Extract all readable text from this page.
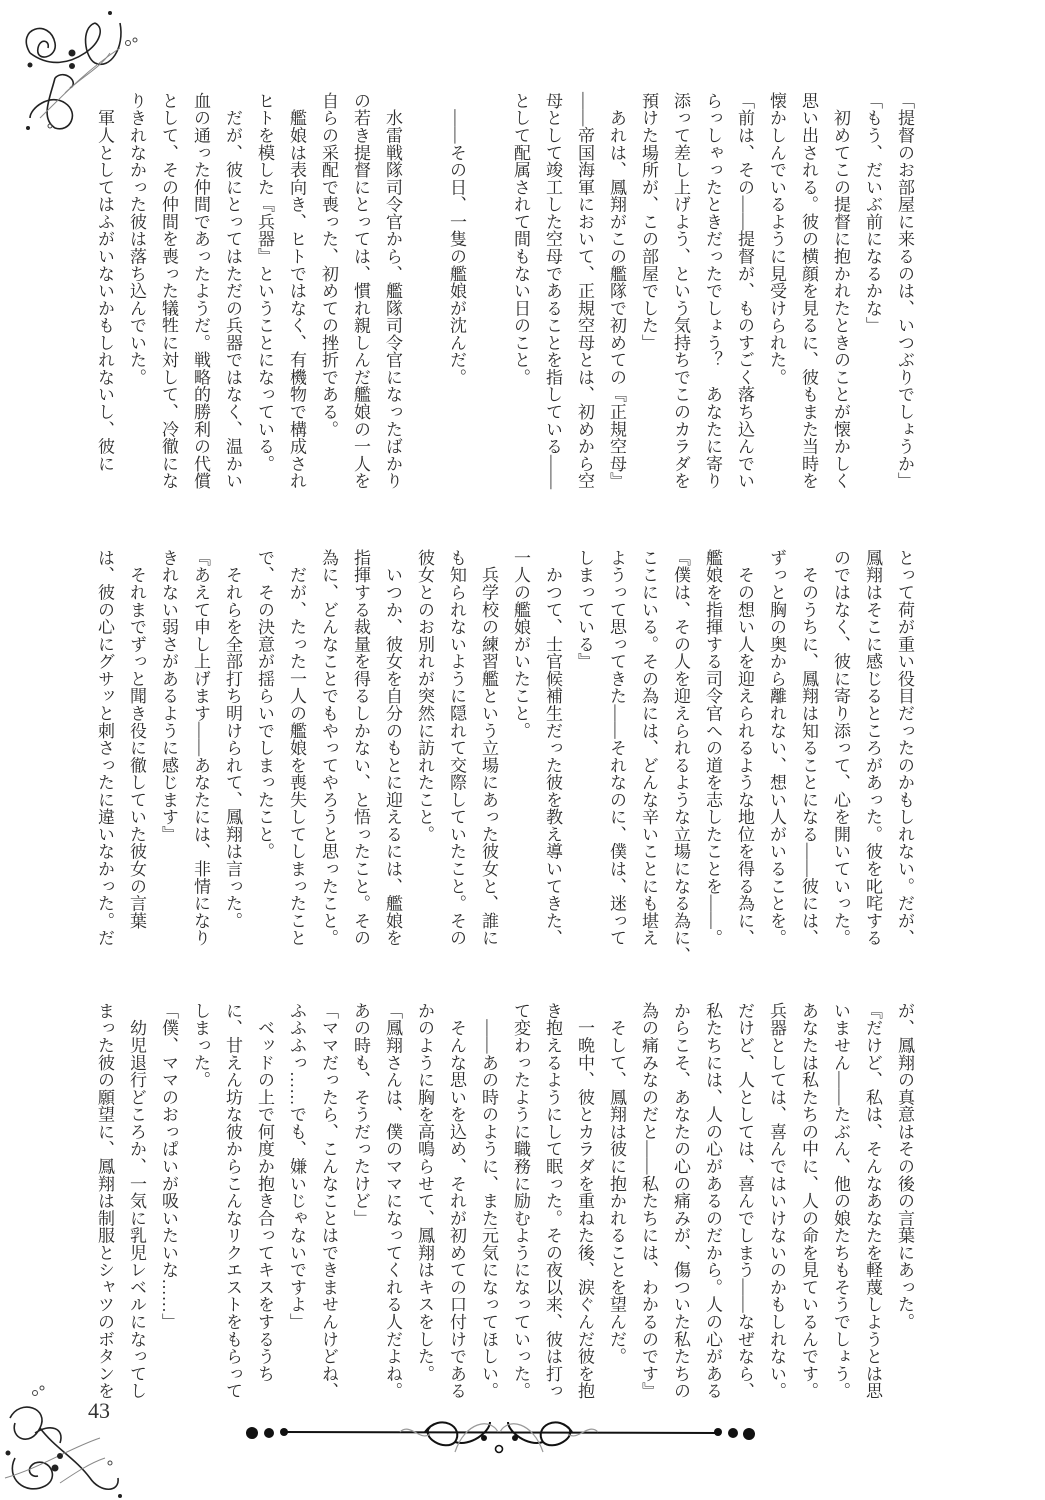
43
「提督のお部屋に来るのは、いつぶりでしょうか」
「もう、だいぶ前になるかな」
　初めてこの提督に抱かれたときのことが懐かしく
思い出される。彼の横顔を見るに、彼もまた当時を
懐かしんでいるように見受けられた。
「前は、その――提督が、ものすごく落ち込んでい
らっしゃったときだったでしょう？　あなたに寄り
添って差し上げよう、という気持ちでこのカラダを
預けた場所が、この部屋でした」
　あれは、鳳翔がこの艦隊で初めての『正規空母』
――帝国海軍において、正規空母とは、初めから空
母として竣工した空母であることを指している――
として配属されて間もない日のこと。
　――その日、一隻の艦娘が沈んだ。
　水雷戦隊司令官から、艦隊司令官になったばかり
の若き提督にとっては、慣れ親しんだ艦娘の一人を
自らの采配で喪った、初めての挫折である。
　艦娘は表向き、ヒトではなく、有機物で構成され
ヒトを模した『兵器』ということになっている。
　だが、彼にとってはただの兵器ではなく、温かい
血の通った仲間であったようだ。戦略的勝利の代償
として、その仲間を喪った犠牲に対して、冷徹にな
りきれなかった彼は落ち込んでいた。
　軍人としてはふがいないかもしれないし、彼に
とって荷が重い役目だったのかもしれない。だが、
鳳翔はそこに感じるところがあった。彼を叱咤する
のではなく、彼に寄り添って、心を開いていった。
　そのうちに、鳳翔は知ることになる――彼には、
ずっと胸の奥から離れない、想い人がいることを。
　その想い人を迎えられるような地位を得る為に、
艦娘を指揮する司令官への道を志したことを――。
『僕は、その人を迎えられるような立場になる為に、
ここにいる。その為には、どんな辛いことにも堪え
ようって思ってきた――それなのに、僕は、迷って
しまっている』
　かつて、士官候補生だった彼を教え導いてきた、
一人の艦娘がいたこと。
　兵学校の練習艦という立場にあった彼女と、誰に
も知られないように隠れて交際していたこと。その
彼女とのお別れが突然に訪れたこと。
　いつか、彼女を自分のもとに迎えるには、艦娘を
指揮する裁量を得るしかない、と悟ったこと。その
為に、どんなことでもやってやろうと思ったこと。
　だが、たった一人の艦娘を喪失してしまったこと
で、その決意が揺らいでしまったこと。
　それらを全部打ち明けられて、鳳翔は言った。
『あえて申し上げます――あなたには、非情になり
きれない弱さがあるように感じます』
　それまでずっと聞き役に徹していた彼女の言葉
は、彼の心にグサッと刺さったに違いなかった。だ
が、鳳翔の真意はその後の言葉にあった。
『だけど、私は、そんなあなたを軽蔑しようとは思
いません――たぶん、他の娘たちもそうでしょう。
あなたは私たちの中に、人の命を見ているんです。
兵器としては、喜んではいけないのかもしれない。
だけど、人としては、喜んでしまう――なぜなら、
私たちには、人の心があるのだから。人の心がある
からこそ、あなたの心の痛みが、傷ついた私たちの
為の痛みなのだと――私たちには、わかるのです』
　そして、鳳翔は彼に抱かれることを望んだ。
　一晩中、彼とカラダを重ねた後、涙ぐんだ彼を抱
き抱えるようにして眠った。その夜以来、彼は打っ
て変わったように職務に励むようになっていった。
　――あの時のように、また元気になってほしい。
　そんな思いを込め、それが初めての口付けである
かのように胸を高鳴らせて、鳳翔はキスをした。
「鳳翔さんは、僕のママになってくれる人だよね。
あの時も、そうだったけど」
「ママだったら、こんなことはできませんけどね、
ふふふっ……でも、嫌いじゃないですよ」
　ベッドの上で何度か抱き合ってキスをするうち
に、甘えん坊な彼からこんなリクエストをもらって
しまった。
「僕、ママのおっぱいが吸いたいな……」
　幼児退行どころか、一気に乳児レベルになってし
まった彼の願望に、鳳翔は制服とシャツのボタンを
